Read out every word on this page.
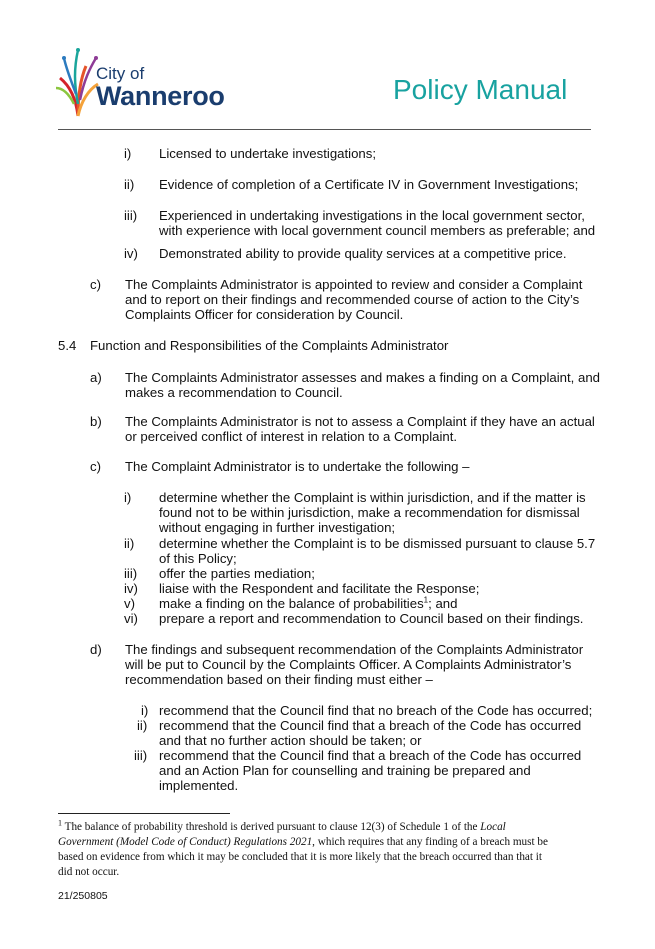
City of
Wanneroo	Policy Manual
i) Licensed to undertake investigations;
ii) Evidence of completion of a Certificate IV in Government Investigations;
iii) Experienced in undertaking investigations in the local government sector,
with experience with local government council members as preferable; and
iv) Demonstrated ability to provide quality services at a competitive price.
c) The Complaints Administrator is appointed to review and consider a Complaint
and to report on their findings and recommended course of action to the City’s
Complaints Officer for consideration by Council.
5.4 Function and Responsibilities of the Complaints Administrator
a) The Complaints Administrator assesses and makes a finding on a Complaint, and
makes a recommendation to Council.
b) The Complaints Administrator is not to assess a Complaint if they have an actual
or perceived conflict of interest in relation to a Complaint.
c) The Complaint Administrator is to undertake the following –
i) determine whether the Complaint is within jurisdiction, and if the matter is
found not to be within jurisdiction, make a recommendation for dismissal
without engaging in further investigation;
ii) determine whether the Complaint is to be dismissed pursuant to clause 5.7
of this Policy;
iii) offer the parties mediation;
iv) liaise with the Respondent and facilitate the Response;
v) make a finding on the balance of probabilities$^1$; and
vi) prepare a report and recommendation to Council based on their findings.
d) The findings and subsequent recommendation of the Complaints Administrator
will be put to Council by the Complaints Officer. A Complaints Administrator’s
recommendation based on their finding must either –
i) recommend that the Council find that no breach of the Code has occurred;
ii) recommend that the Council find that a breach of the Code has occurred
and that no further action should be taken; or
iii) recommend that the Council find that a breach of the Code has occurred
and an Action Plan for counselling and training be prepared and
implemented.
$^1$ The balance of probability threshold is derived pursuant to clause 12(3) of Schedule 1 of the Local
Government (Model Code of Conduct) Regulations 2021, which requires that any finding of a breach must be
based on evidence from which it may be concluded that it is more likely that the breach occurred than that it
did not occur.
21/250805
